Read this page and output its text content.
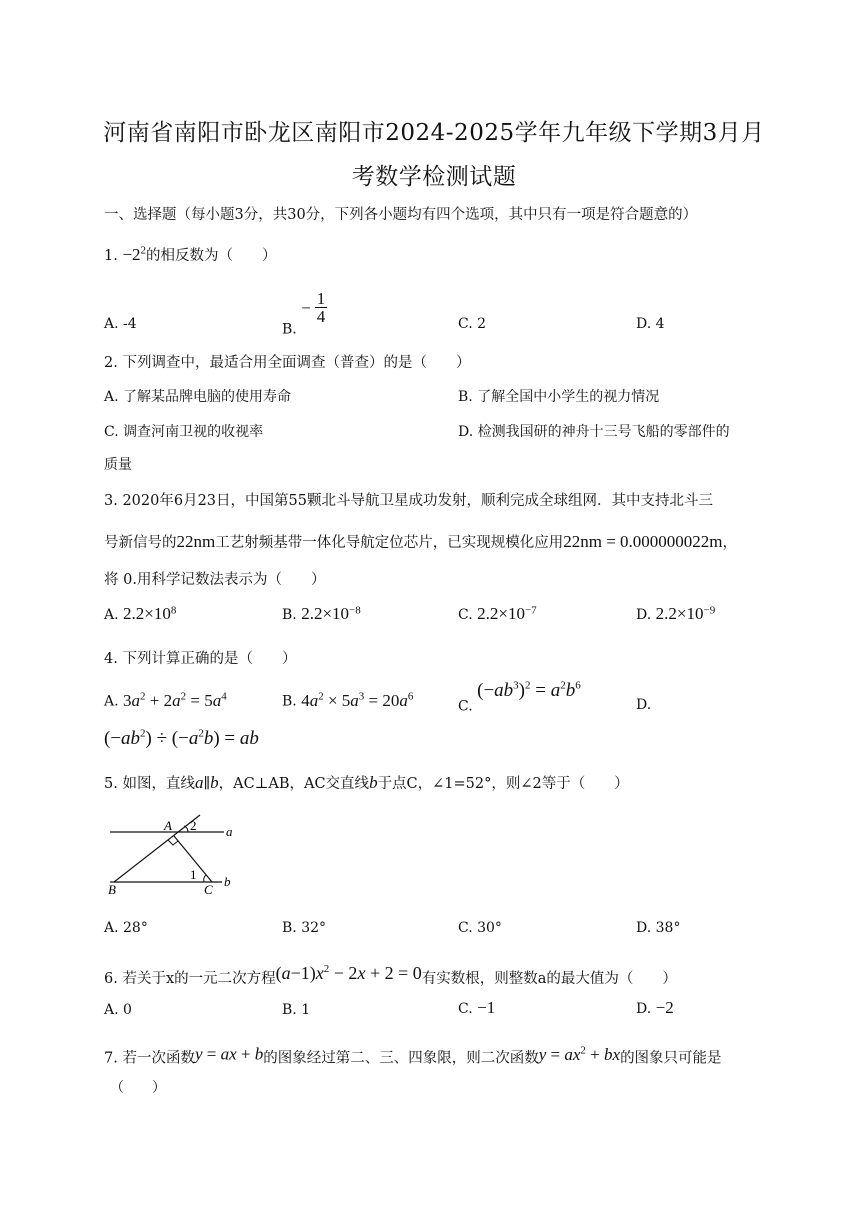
河南省南阳市卧龙区南阳市2024-2025学年九年级下学期3月月
考数学检测试题
一、选择题（每小题3分，共30分，下列各小题均有四个选项，其中只有一项是符合题意的）
1. $-2^2$的相反数为（　　）
A. -4	B. − $\frac{1}{4}$	C. 2	D. 4
2. 下列调查中，最适合用全面调查（普查）的是（　　）
A. 了解某品牌电脑的使用寿命	B. 了解全国中小学生的视力情况
C. 调查河南卫视的收视率	D. 检测我国研的神舟十三号飞船的零部件的
质量
3. 2020年6月23日，中国第55颗北斗导航卫星成功发射，顺利完成全球组网．其中支持北斗三
号新信号的22nm工艺射频基带一体化导航定位芯片，已实现规模化应用22nm = 0.000000022m，
将 0.用科学记数法表示为（　　）
A. $2.2\times 10^8$	B. $2.2\times 10^{-8}$	C. $2.2\times 10^{-7}$	D. $2.2\times 10^{-9}$
4. 下列计算正确的是（　　）
A. $3a^2 + 2a^2 = 5a^4$	B. $4a^2 \times 5a^3 = 20a^6$
C. $(-ab^3)^2 = a^2b^6$
D.
$(-ab^2) \div (-a^2b)$ = ab
5. 如图，直线a∥b，AC⊥AB，AC交直线b于点C，∠1=52°，则∠2等于（　　）
A 2 a
1
B	C
b
A. 28°	B. 32°	C. 30°	D. 38°
6. 若关于x的一元二次方程$(a-1)x^2 - 2x + 2 = 0$有实数根，则整数a的最大值为（　　）
A. 0	B. 1	C. −1	D. −2
7. 若一次函数y = ax + b的图象经过第二、三、四象限，则二次函数$y = ax^2$ + bx的图象只可能是
（　　）
